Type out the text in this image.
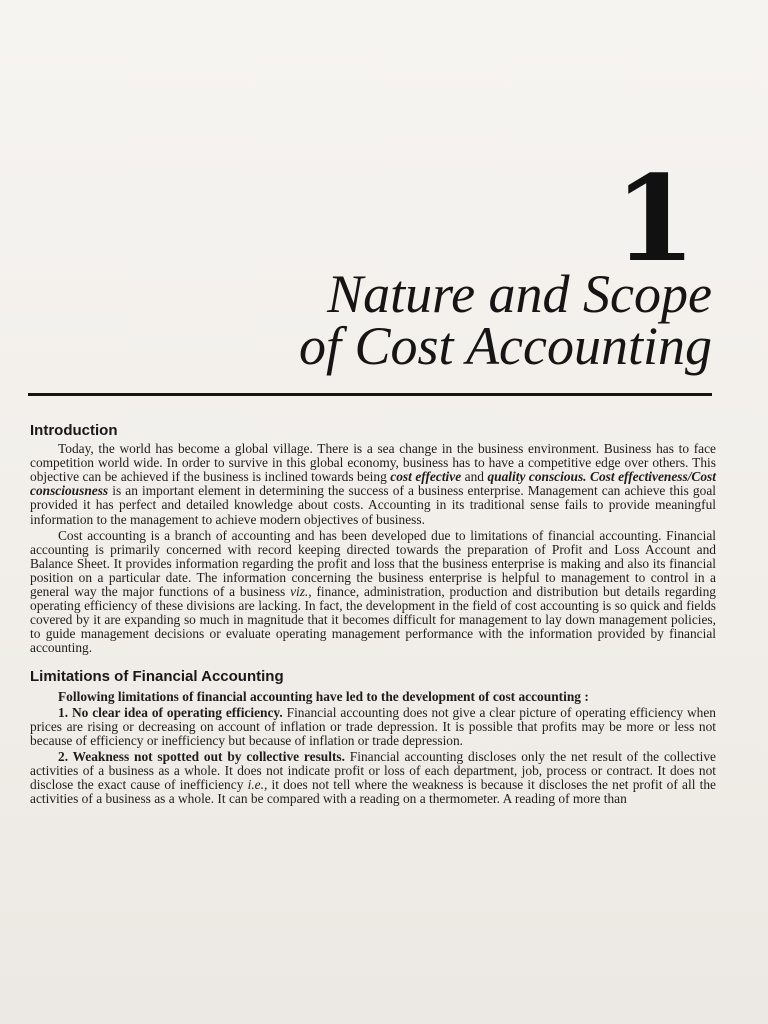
1
Nature and Scope
of Cost Accounting
Introduction

Today, the world has become a global village. There is a sea change in the business environment. Business has to face competition world wide. In order to survive in this global economy, business has to have a competitive edge over others. This objective can be achieved if the business is inclined towards being cost effective and quality conscious. Cost effectiveness/Cost consciousness is an important element in determining the success of a business enterprise. Management can achieve this goal provided it has perfect and detailed knowledge about costs. Accounting in its traditional sense fails to provide meaningful information to the management to achieve modern objectives of business.

Cost accounting is a branch of accounting and has been developed due to limitations of financial accounting. Financial accounting is primarily concerned with record keeping directed towards the preparation of Profit and Loss Account and Balance Sheet. It provides information regarding the profit and loss that the business enterprise is making and also its financial position on a particular date. The information concerning the business enterprise is helpful to management to control in a general way the major functions of a business viz., finance, administration, production and distribution but details regarding operating efficiency of these divisions are lacking. In fact, the development in the field of cost accounting is so quick and fields covered by it are expanding so much in magnitude that it becomes difficult for management to lay down management policies, to guide management decisions or evaluate operating management performance with the information provided by financial accounting.

Limitations of Financial Accounting

Following limitations of financial accounting have led to the development of cost accounting :

1. No clear idea of operating efficiency. Financial accounting does not give a clear picture of operating efficiency when prices are rising or decreasing on account of inflation or trade depression. It is possible that profits may be more or less not because of efficiency or inefficiency but because of inflation or trade depression.

2. Weakness not spotted out by collective results. Financial accounting discloses only the net result of the collective activities of a business as a whole. It does not indicate profit or loss of each department, job, process or contract. It does not disclose the exact cause of inefficiency i.e., it does not tell where the weakness is because it discloses the net profit of all the activities of a business as a whole. It can be compared with a reading on a thermometer. A reading of more than
